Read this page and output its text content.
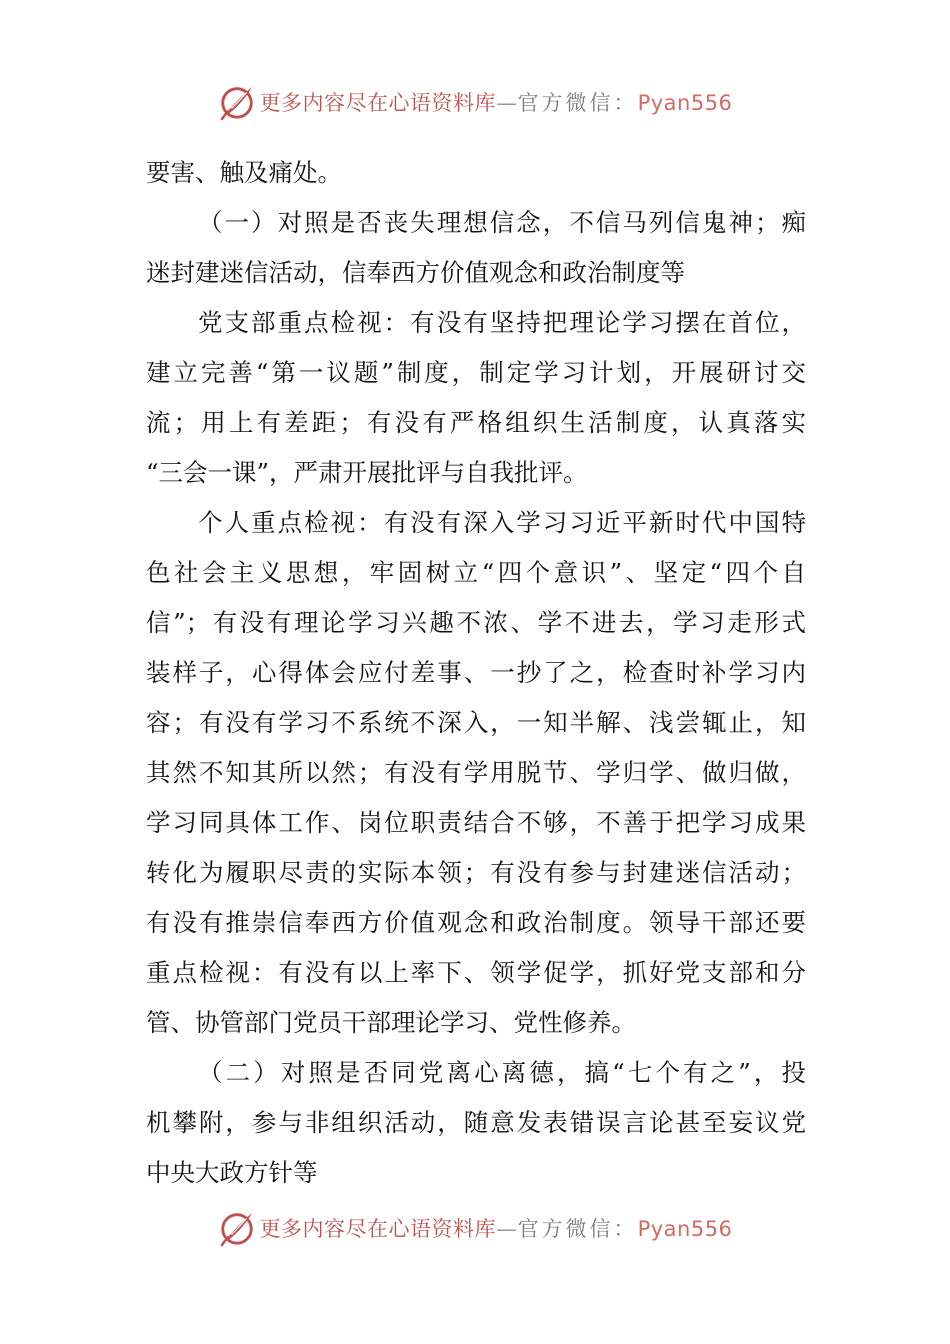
更多内容尽在心语资料库—官方微信：Pyan556
要害、触及痛处。
（一）对照是否丧失理想信念，不信马列信鬼神；痴
迷封建迷信活动，信奉西方价值观念和政治制度等
党支部重点检视：有没有坚持把理论学习摆在首位，
建立完善“第一议题”制度，制定学习计划，开展研讨交
流；用上有差距；有没有严格组织生活制度，认真落实
“三会一课”，严肃开展批评与自我批评。
个人重点检视：有没有深入学习习近平新时代中国特
色社会主义思想，牢固树立“四个意识”、坚定“四个自
信”；有没有理论学习兴趣不浓、学不进去，学习走形式
装样子，心得体会应付差事、一抄了之，检查时补学习内
容；有没有学习不系统不深入，一知半解、浅尝辄止，知
其然不知其所以然；有没有学用脱节、学归学、做归做，
学习同具体工作、岗位职责结合不够，不善于把学习成果
转化为履职尽责的实际本领；有没有参与封建迷信活动；
有没有推崇信奉西方价值观念和政治制度。领导干部还要
重点检视：有没有以上率下、领学促学，抓好党支部和分
管、协管部门党员干部理论学习、党性修养。
（二）对照是否同党离心离德，搞“七个有之”，投
机攀附，参与非组织活动，随意发表错误言论甚至妄议党
中央大政方针等
更多内容尽在心语资料库—官方微信：Pyan556
